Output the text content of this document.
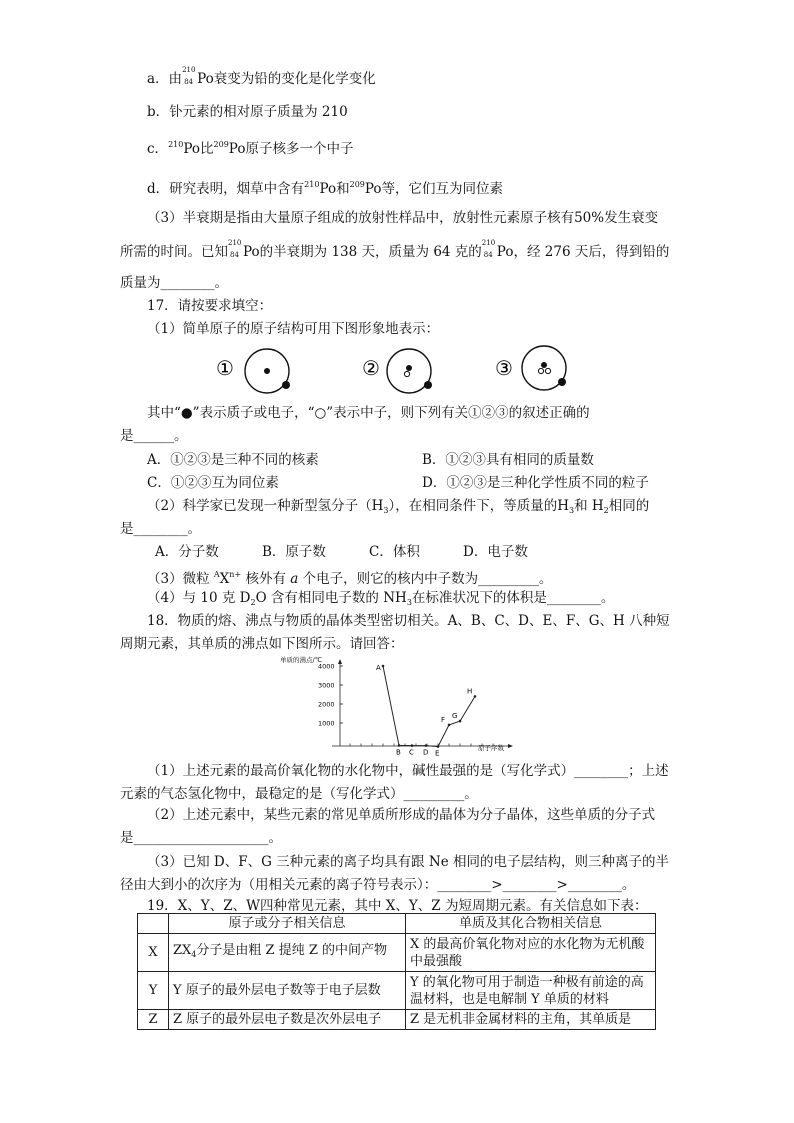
a．由
210
84 Po衰变为铅的变化是化学变化
b．钋元素的相对原子质量为 210
c．$^{210}$Po比$^{209}$Po原子核多一个中子
d．研究表明，烟草中含有$^{210}$Po和$^{209}$Po等，它们互为同位素
（3）半衰期是指由大量原子组成的放射性样品中，放射性元素原子核有50%发生衰变
所需的时间。已知
210
84 Po的半衰期为 138 天，质量为 64 克的
210
84 Po，经 276 天后，得到铅的
质量为________。
17．请按要求填空：
（1）简单原子的原子结构可用下图形象地表示：
①	②	③
其中“●”表示质子或电子，“○”表示中子，则下列有关①②③的叙述正确的
是______。
A．①②③是三种不同的核素	B．①②③具有相同的质量数
C．①②③互为同位素	D．①②③是三种化学性质不同的粒子
（2）科学家已发现一种新型氢分子$(H_3)$，在相同条件下，等质量的$H_3$和 $H_2$相同的
是________。
A．分子数	B．原子数	C．体积	D．电子数
（3）微粒 $^AX^{n+}$ 核外有 a 个电子，则它的核内中子数为_________。
（4）与 10 克 $D_2O$ 含有相同电子数的 $NH_3$在标准状况下的体积是________。
18．物质的熔、沸点与物质的晶体类型密切相关。A、B、C、D、E、F、G、H 八种短
周期元素，其单质的沸点如下图所示。请回答：
单质的沸点/℃
原子序数
4000
3000
2000
1000
A
B C D E
F G
H
（1）上述元素的最高价氧化物的水化物中，碱性最强的是（写化学式）________；上述
元素的气态氢化物中，最稳定的是（写化学式）_________。
（2）上述元素中，某些元素的常见单质所形成的晶体为分子晶体，这些单质的分子式
是____________________。
（3）已知 D、F、G 三种元素的离子均具有跟 Ne 相同的电子层结构，则三种离子的半
径由大到小的次序为（用相关元素的离子符号表示）：________>________>________。
19．X、Y、Z、W四种常见元素，其中 X、Y、Z 为短周期元素。有关信息如下表：
	原子或分子相关信息	单质及其化合物相关信息
X	$ZX_4$分子是由粗 Z 提纯 Z 的中间产物	X 的最高价氧化物对应的水化物为无机酸中最强酸
Y	Y 原子的最外层电子数等于电子层数	Y 的氧化物可用于制造一种极有前途的高温材料，也是电解制 Y 单质的材料
Z	Z 原子的最外层电子数是次外层电子	Z 是无机非金属材料的主角，其单质是
